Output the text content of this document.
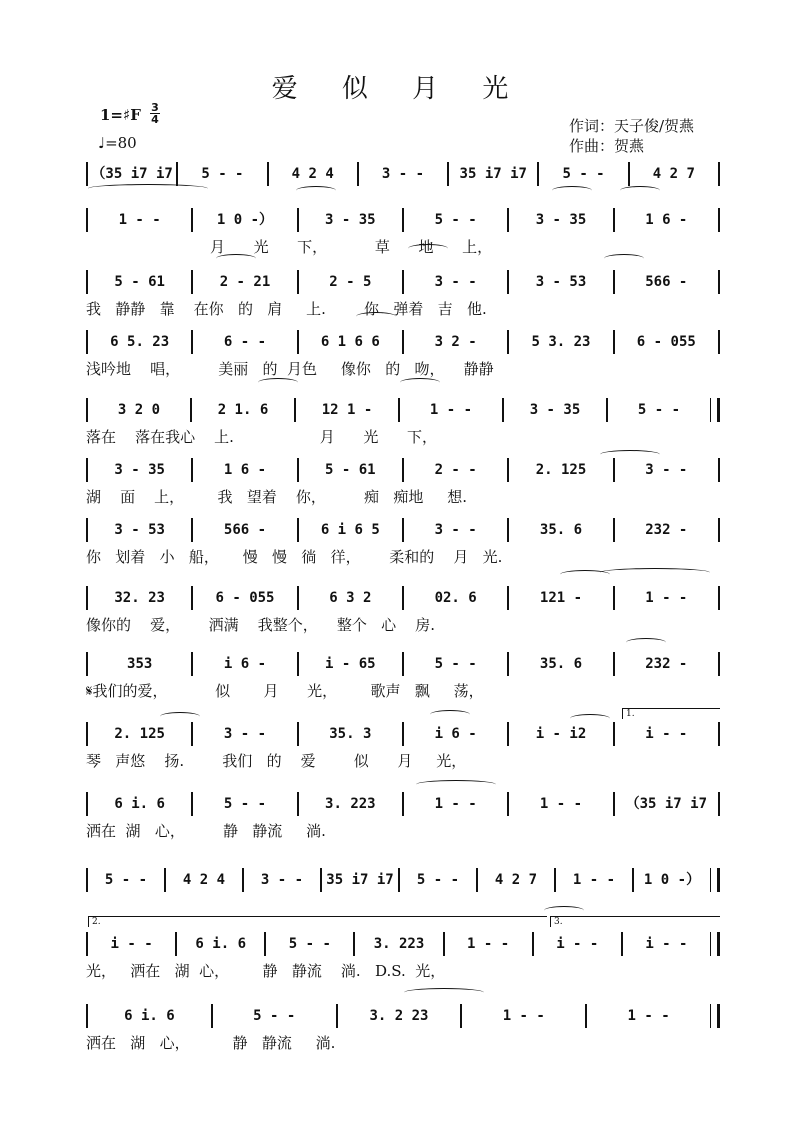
爱 似 月 光
1=♯F 3
4
♩=80
作词：天子俊/贺燕
作曲：贺燕
（35 i7 i7	5 - -	4 2 4	3 - -	35 i7 i7	5 - -	4 2 7
1 - -	1 0 -）	3 - 35	5 - -	3 - 35	1 6 -
月      光      下，          草      地      上，
5 - 61	2 - 21	2 - 5	3 - -	3 - 53	566 -
我   静静   靠    在你   的   肩     上.        你   弹着   吉   他.
6 5. 23	6 - -	6 1 6 6	3 2 -	5 3. 23	6 - 055
浅吟地    唱，        美丽   的  月色     像你   的   吻，    静静
3 2 0	2 1. 6	12 1 -	1 - -	3 - 35	5 - -
落在    落在我心    上.                  月      光      下，
3 - 35	1 6 -	5 - 61	2 - -	2. 125	3 - -
湖    面    上，       我   望着    你，        痴   痴地     想.
3 - 53	566 -	6 i 6 5	3 - -	35. 6	232 -
你   划着   小   船，     慢   慢   徜   徉，      柔和的    月   光.
32. 23	6 - 055	6 3 2	02. 6	121 -	1 - -
像你的    爱，      洒满    我整个，    整个   心    房.
353	i 6 -	i - 65	5 - -	35. 6	232 -
𝄋我们的爱，          似       月      光，       歌声   飘     荡，
2. 125	3 - -	35. 3	i 6 -	i - i2	i - -
琴   声悠    扬.        我们   的    爱        似      月     光，
1.
6 i. 6	5 - -	3. 223	1 - -	1 - -	（35 i7 i7
洒在  湖   心，        静   静流     淌.
5 - -	4 2 4	3 - -	35 i7 i7	5 - -	4 2 7	1 - -	1 0 -）
i - -	6 i. 6	5 - -	3. 223	1 - -	i - -	i - -
光，   洒在   湖  心，       静   静流    淌.   D.S.  光，
2.	3.
6 i. 6	5 - -	3. 2 23	1 - -	1 - -
洒在   湖   心，         静   静流     淌.
